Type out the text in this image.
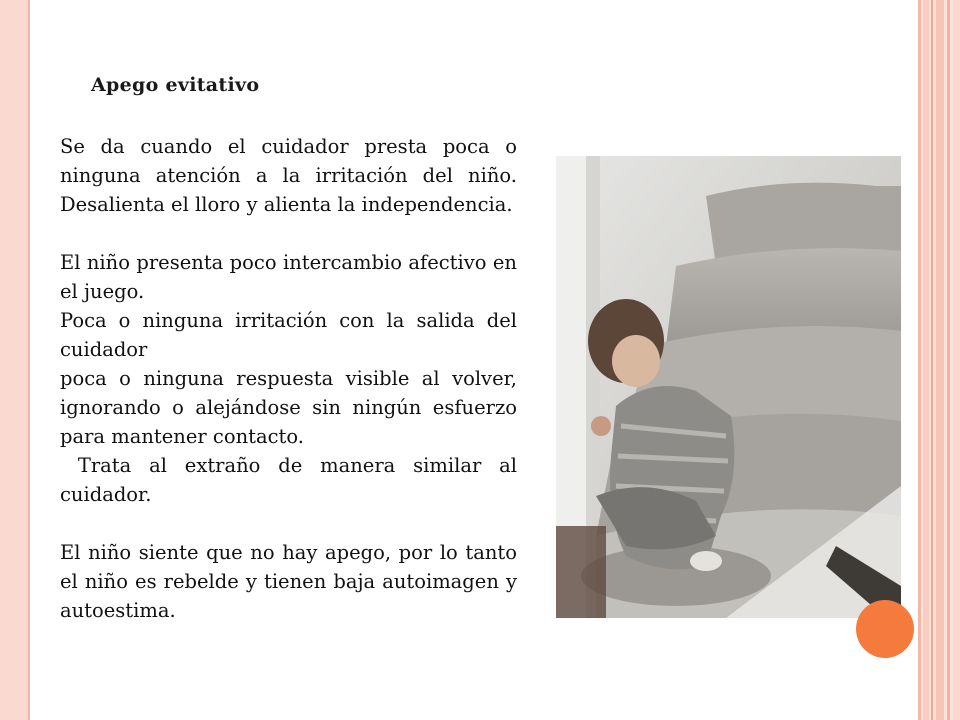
Apego evitativo

Se da cuando el cuidador presta poca o ninguna atención a la irritación del niño. Desalienta el lloro y alienta la independencia.

El niño presenta poco intercambio afectivo en el juego.

Poca o ninguna irritación con la salida del cuidador

poca o ninguna respuesta visible al volver, ignorando o alejándose sin ningún esfuerzo para mantener contacto.

Trata al extraño de manera similar al cuidador.

El niño siente que no hay apego, por lo tanto el niño es rebelde y tienen baja autoimagen y autoestima.
